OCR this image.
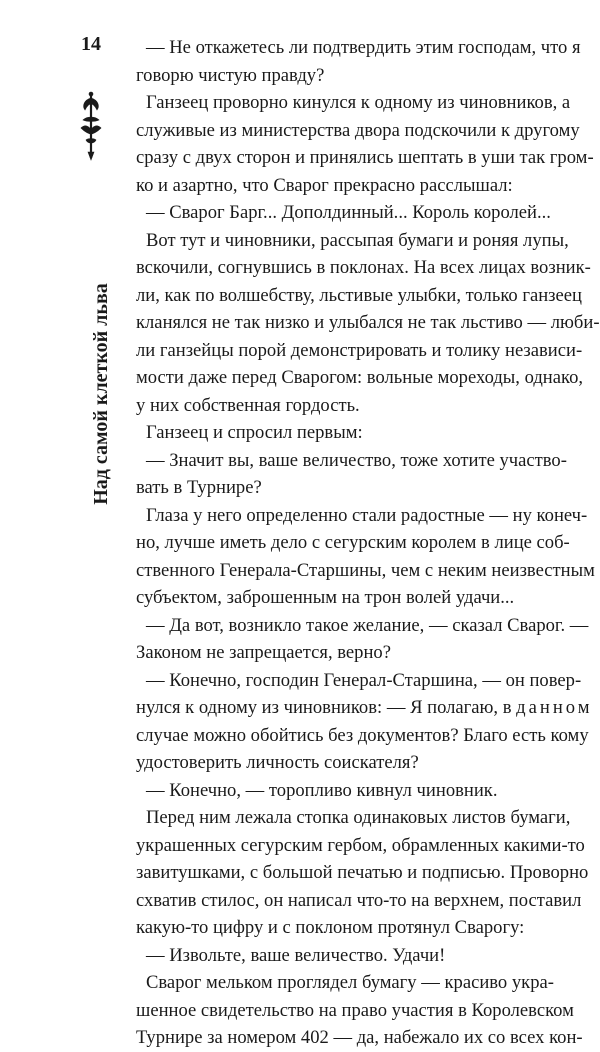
14
Над самой клеткой льва
— Не откажетесь ли подтвердить этим господам, что я
говорю чистую правду?
Ганзеец проворно кинулся к одному из чиновников, а
служивые из министерства двора подскочили к другому
сразу с двух сторон и принялись шептать в уши так гром-
ко и азартно, что Сварог прекрасно расслышал:
— Сварог Барг... Дополдинный... Король королей...
Вот тут и чиновники, рассыпая бумаги и роняя лупы,
вскочили, согнувшись в поклонах. На всех лицах возник-
ли, как по волшебству, льстивые улыбки, только ганзеец
кланялся не так низко и улыбался не так льстиво — люби-
ли ганзейцы порой демонстрировать и толику независи-
мости даже перед Сварогом: вольные мореходы, однако,
у них собственная гордость.
Ганзеец и спросил первым:
— Значит вы, ваше величество, тоже хотите участво-
вать в Турнире?
Глаза у него определенно стали радостные — ну конеч-
но, лучше иметь дело с сегурским королем в лице соб-
ственного Генерала-Старшины, чем с неким неизвестным
субъектом, заброшенным на трон волей удачи...
— Да вот, возникло такое желание, — сказал Сварог. —
Законом не запрещается, верно?
— Конечно, господин Генерал-Старшина, — он повер-
нулся к одному из чиновников: — Я полагаю, в данном
случае можно обойтись без документов? Благо есть кому
удостоверить личность соискателя?
— Конечно, — торопливо кивнул чиновник.
Перед ним лежала стопка одинаковых листов бумаги,
украшенных сегурским гербом, обрамленных какими-то
завитушками, с большой печатью и подписью. Проворно
схватив стилос, он написал что-то на верхнем, поставил
какую-то цифру и с поклоном протянул Сварогу:
— Извольте, ваше величество. Удачи!
Сварог мельком проглядел бумагу — красиво укра-
шенное свидетельство на право участия в Королевском
Турнире за номером 402 — да, набежало их со всех кон-
